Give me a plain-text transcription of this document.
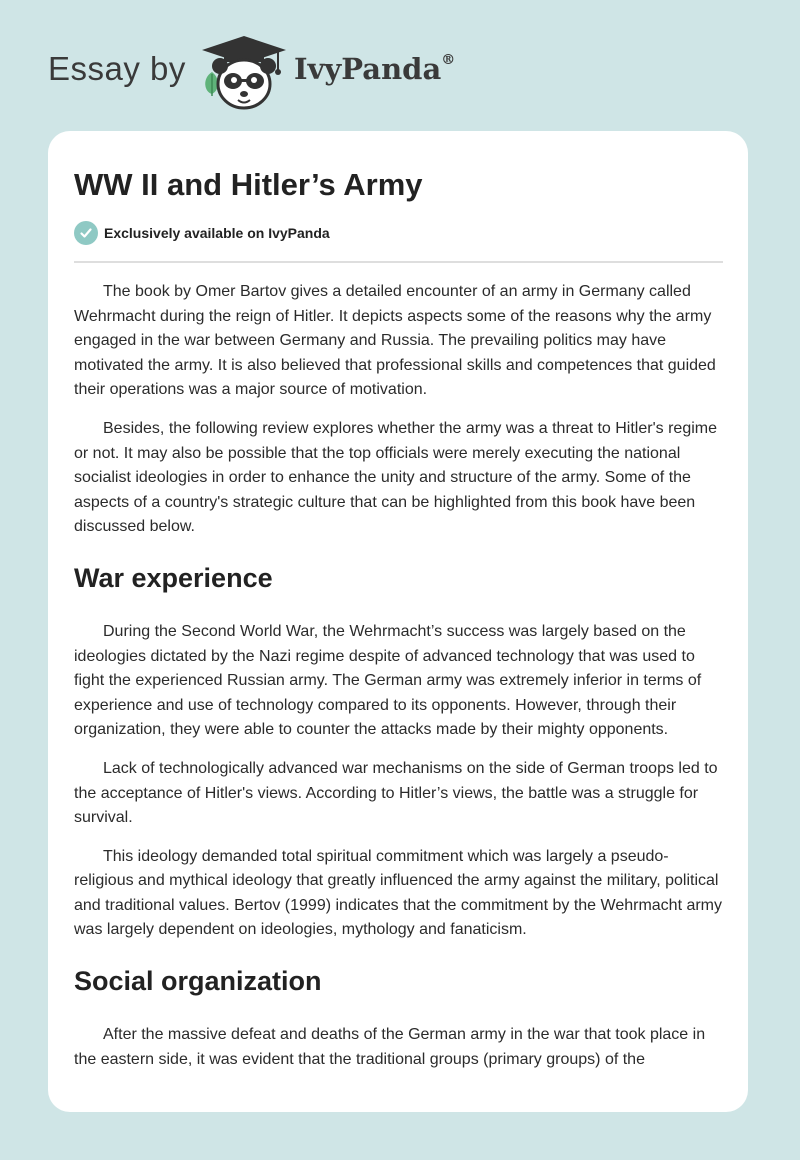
Essay by	IvyPanda®
WW II and Hitler’s Army
Exclusively available on IvyPanda

The book by Omer Bartov gives a detailed encounter of an army in Germany called Wehrmacht during the reign of Hitler. It depicts aspects some of the reasons why the army engaged in the war between Germany and Russia. The prevailing politics may have motivated the army. It is also believed that professional skills and competences that guided their operations was a major source of motivation.

Besides, the following review explores whether the army was a threat to Hitler's regime or not. It may also be possible that the top officials were merely executing the national socialist ideologies in order to enhance the unity and structure of the army. Some of the aspects of a country's strategic culture that can be highlighted from this book have been discussed below.

War experience

During the Second World War, the Wehrmacht’s success was largely based on the ideologies dictated by the Nazi regime despite of advanced technology that was used to fight the experienced Russian army. The German army was extremely inferior in terms of experience and use of technology compared to its opponents. However, through their organization, they were able to counter the attacks made by their mighty opponents.

Lack of technologically advanced war mechanisms on the side of German troops led to the acceptance of Hitler's views. According to Hitler’s views, the battle was a struggle for survival.

This ideology demanded total spiritual commitment which was largely a pseudo-religious and mythical ideology that greatly influenced the army against the military, political and traditional values. Bertov (1999) indicates that the commitment by the Wehrmacht army was largely dependent on ideologies, mythology and fanaticism.

Social organization

After the massive defeat and deaths of the German army in the war that took place in the eastern side, it was evident that the traditional groups (primary groups) of the
